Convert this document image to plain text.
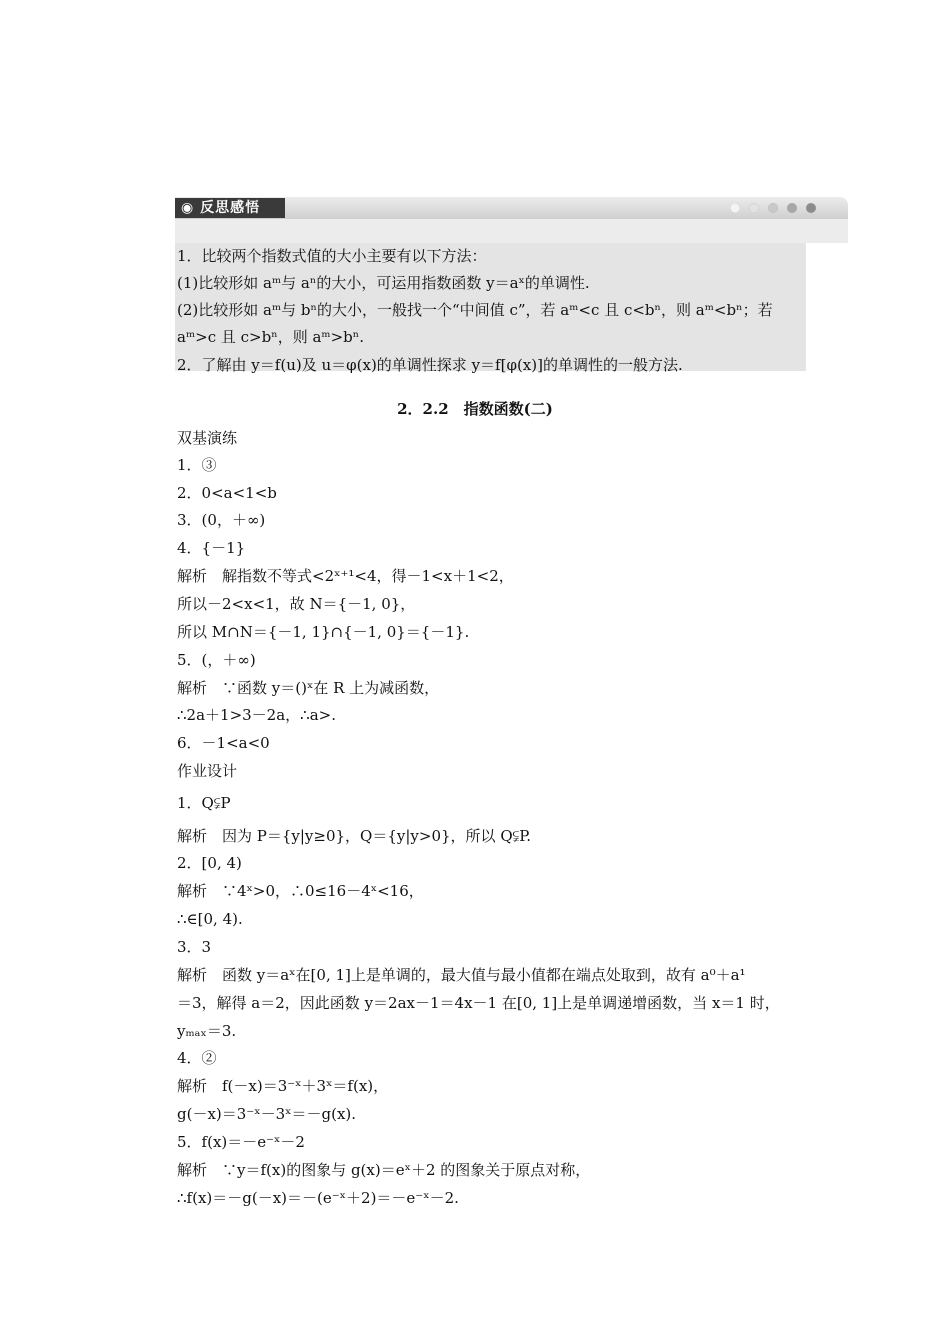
◉ 反思感悟
1．比较两个指数式值的大小主要有以下方法：
(1)比较形如 aᵐ与 aⁿ的大小，可运用指数函数 y＝aˣ的单调性.
(2)比较形如 aᵐ与 bⁿ的大小，一般找一个“中间值 c”，若 aᵐ<c 且 c<bⁿ，则 aᵐ<bⁿ；若
aᵐ>c 且 c>bⁿ，则 aᵐ>bⁿ.
2．了解由 y＝f(u)及 u＝φ(x)的单调性探求 y＝f[φ(x)]的单调性的一般方法.
2．2.2　指数函数(二)
双基演练
1．③
2．0<a<1<b
3．(0，＋∞)
4．{－1}
解析　解指数不等式<2ˣ⁺¹<4，得－1<x＋1<2，
所以－2<x<1，故 N＝{－1, 0}，
所以 M∩N＝{－1, 1}∩{－1, 0}＝{－1}.
5．(，＋∞)
解析　∵函数 y＝()ˣ在 R 上为减函数，
∴2a＋1>3－2a，∴a>.
6．－1<a<0
作业设计
1．Q⫋P
解析　因为 P＝{y|y≥0}，Q＝{y|y>0}，所以 Q⫋P.
2．[0, 4)
解析　∵4ˣ>0，∴0≤16－4ˣ<16，
∴∈[0, 4).
3．3
解析　函数 y＝aˣ在[0, 1]上是单调的，最大值与最小值都在端点处取到，故有 a⁰＋a¹
＝3，解得 a＝2，因此函数 y＝2ax－1＝4x－1 在[0, 1]上是单调递增函数，当 x＝1 时，
yₘₐₓ＝3.
4．②
解析　f(－x)＝3⁻ˣ＋3ˣ＝f(x)，
g(－x)＝3⁻ˣ－3ˣ＝－g(x).
5．f(x)＝－e⁻ˣ－2
解析　∵y＝f(x)的图象与 g(x)＝eˣ＋2 的图象关于原点对称，
∴f(x)＝－g(－x)＝－(e⁻ˣ＋2)＝－e⁻ˣ－2.
